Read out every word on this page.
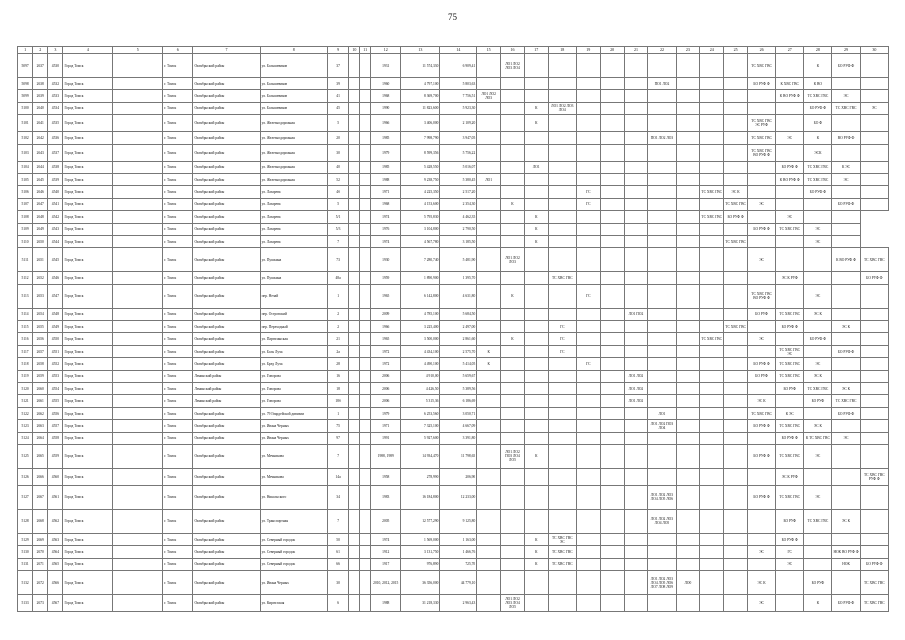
75
1	2	3	4	5	6	7	8	9	10	11	12	13	14	15	16	17	18	19	20	21	22	23	24	25	26	27	28	29	30
5097	2637	4530	Город Томск		г. Томск	Октябрьский район	ул. Большевиков	37			1931	11 574,330	6 909,41		ЛО1 ЛО2 ЛО3 ЛО4										ТС ХВС ГВС		К	БО РУФ Ф	
5098	2638	4532	Город Томск		г. Томск	Октябрьский район	ул. Большевиков	39			1960	4 797,100	5 803,63								ПО1 ЛО2				БО РУФ Ф	К ХВС ГВС	К ВО		
5099	2639	4533	Город Томск		г. Томск	Октябрьский район	ул. Большевиков	41			1968	8 369,700	7 756,51	ЛО1 ЛО2 ЛО3												К ВО РУФ Ф	ТС ХВС ГВС	ЭС	
5100	2640	4534	Город Томск		г. Томск	Октябрьский район	ул. Большевиков	45			1990	11 823,600	5 923,30			К	ЛО1 ЛО2 ЛО3 ЛО4										БО РУФ Ф	ТС ХВС ГВС	ЭС
5101	2641	4535	Город Томск		г. Томск	Октябрьский район	ул. Железнодорожная	5			1966	3 406,000	2 109,20			К									ТС ХВС ГВС ЭС РУФ		БО Ф		
5102	2642	4536	Город Томск		г. Томск	Октябрьский район	ул. Железнодорожная	20			1985	7 998,790	3 947,05								ПО1 ЛО2 ЛО3				ТС ХВС ГВС	ЭС	К	ВО РУФ Ф	
5103	2643	4537	Город Томск		г. Томск	Октябрьский район	ул. Железнодорожная	30			1979	8 599,356	5 756,22												ТС ХВС ГВС ВО РУФ Ф		ЭСК		
5104	2644	4538	Город Томск		г. Томск	Октябрьский район	ул. Железнодорожная	40			1985	5 428,550	5 016,07			ЛО1										БО РУФ Ф	ТС ХВС ГВС	К ЭС	
5105	2645	4539	Город Томск		г. Томск	Октябрьский район	ул. Железнодорожная	52			1988	9 238,750	5 380,45	ЛО1												К ВО РУФ Ф	ТС ХВС ГВС	ЭС	
5106	2646	4540	Город Томск		г. Томск	Октябрьский район	ул. Лазарева	4б			1971	4 225,350	2 517,20					ГС					ТС ХВС ГВС	ЭС К			БО РУФ Ф		
5107	2647	4541	Город Томск		г. Томск	Октябрьский район	ул. Лазарева	5			1968	4 153,600	2 354,30		К			ГС						ТС ХВС ГВС	ЭС			БО РУФ Ф	
5108	2648	4542	Город Томск		г. Томск	Октябрьский район	ул. Лазарева	5/1			1974	5 795,830	4 462,35			К							ТС ХВС ГВС	БО РУФ Ф		ЭС			
5109	2649	4543	Город Томск		г. Томск	Октябрьский район	ул. Лазарева	5/3			1976	3 104,800	2 790,50			К									БО РУФ Ф	ТС ХВС ГВС	ЭС		
5110	2650	4544	Город Томск		г. Томск	Октябрьский район	ул. Лазарева	7			1974	4 567,780	3 185,50			К								ТС ХВС ГВС			ЭС		
5111	2651	4545	Город Томск		г. Томск	Октябрьский район	ул. Пушкина	73			1930	7 280,740	5 481,90		ЛО1 ЛО2 ЛО3										ЭС			К ВО РУФ Ф	ТС ХВС ГВС
5112	2652	4546	Город Томск		г. Томск	Октябрьский район	ул. Пушкина	48а			1959	1 890,900	1 395,70				ТС ХВС ГВС									ЭС К РУФ			БО РУФ Ф
5113	2653	4547	Город Томск		г. Томск	Октябрьский район	пер. Нечай	1			1965	6 142,800	4 631,80		К			ГС							ТС ХВС ГВС ВО РУФ Ф		ЭС		
5114	2654	4548	Город Томск		г. Томск	Октябрьский район	пер. Островский	2			2009	4 785,100	5 684,50							ЛО1 ПО2					БО РУФ	ТС ХВС ГВС	ЭС К		
5115	2655	4549	Город Томск		г. Томск	Октябрьский район	пер. Переходный	2			1966	3 225,400	2 497,00				ГС							ТС ХВС ГВС		БО РУФ Ф		ЭС К	
5116	2656	4550	Город Томск		г. Томск	Октябрьский район	ул. Партизанская	21			1965	3 500,000	2 861,60		К		ГС						ТС ХВС ГВС		ЭС		БО РУФ Ф		
5117	2657	4551	Город Томск		г. Томск	Октябрьский район	ул. Боль Луча	2а			1972	4 434,100	2 575,70	К			ГС									ТС ХВС ГВС ЭС		БО РУФ Ф	
5118	2658	4552	Город Томск		г. Томск	Октябрьский район	ул. Бред Луча	28			1972	4 490,100	5 414,05	К				ГС							БО РУФ Ф	ТС ХВС ГВС	ЭС		
5119	2659	4553	Город Томск		г. Томск	Ленинский район	ул. Говорова	16			2006	4 910,00	5 659,67							ЛО1 ЛО2					БО РУФ	ТС ХВС ГВС	ЭС К		
5120	2660	4554	Город Томск		г. Томск	Ленинский район	ул. Говорова	18			2006	4 426,50	5 389,56							ЛО1 ЛО2						БО РУФ	ТС ХВС ГВС	ЭС К	
5121	2661	4555	Город Томск		г. Томск	Ленинский район	ул. Говорова	18б			2006	5 315,36	6 186,69							ЛО1 ЛО2					ЭС К		БО РУФ	ТС ХВС ГВС	
5122	2662	4556	Город Томск		г. Томск	Октябрьский район	ул. 79 Гвардейской дивизии	1			1979	6 253,560	3 050,71								ЛО1				ТС ХВС ГВС	К ЭС		БО РУФ Ф	
5123	2663	4557	Город Томск		г. Томск	Октябрьский район	ул. Ивана Черных	75			1971	7 325,100	4 667,09								ЛО1 ЛО2 ПО3 ЛО4				БО РУФ Ф	ТС ХВС ГВС	ЭС К		
5124	2664	4558	Город Томск		г. Томск	Октябрьский район	ул. Ивана Черных	97			1991	5 927,600	3 391,80													БО РУФ Ф	К ТС ХВС ГВС	ЭС	
5125	2665	4559	Город Томск		г. Томск	Октябрьский район	ул. Мечникова	7			1988, 1989	14 934,470	11 798,65		ЛО1 ЛО2 ПО3 ЛО4 ЛО5	К									БО РУФ Ф	ТС ХВС ГВС	ЭС		
5126	2666	4560	Город Томск		г. Томск	Октябрьский район	ул. Мечникова	14а			1958	278,990	206,90													ЭС К РУФ			ТС ХВС ГВС РУФ Ф
5127	2667	4561	Город Томск		г. Томск	Октябрьский район	ул. Никольского	34			1983	16 184,800	12 233,00								ЛО1 ЛО2 ЛО3 ЛО4 ЛО5 ЛО6				БО РУФ Ф	ТС ХВС ГВС	ЭС		
5128	2668	4562	Город Томск		г. Томск	Октябрьский район	ул. Транспортная	7			2005	12 577,290	9 125,80								ЛО1 ЛО2 ЛО3 ЛО4 ЛО5					БО РУФ	ТС ХВС ГВС	ЭС К	
5129	2669	4563	Город Томск		г. Томск	Октябрьский район	ул. Северный городок	50			1974	1 569,000	1 163,00			К	ТС ХВС ГВС ЭС									БО РУФ Ф			
5130	2670	4564	Город Томск		г. Томск	Октябрьский район	ул. Северный городок	61			1912	3 131,750	1 466,76			К	ТС ХВС ГВС								ЭС	ГС		НОК ВО РУФ Ф	
5131	2671	4565	Город Томск		г. Томск	Октябрьский район	ул. Северный городок	66			1917	976,890	725,70			К	ТС ХВС ГВС									ЭС		НОК	БО РУФ Ф
5132	2672	4566	Город Томск		г. Томск	Октябрьский район	ул. Ивана Черных	30			2010, 2012, 2015	36 356,000	44 779,10								ЛО1 ЛО2 ЛО3 ЛО4 ЛО5 ЛО6 ЛО7 ЛО8 ЛО9	ЛО0			ЭС К		БО РУФ		ТС ХВС ГВС
5133	2673	4567	Город Томск		г. Томск	Октябрьский район	ул. Киргизская	6			1988	31 218,330	2 963,43		ЛО1 ЛО2 ЛО3 ЛО4 ЛО5										ЭС		К	БО РУФ Ф	ТС ХВС ГВС
